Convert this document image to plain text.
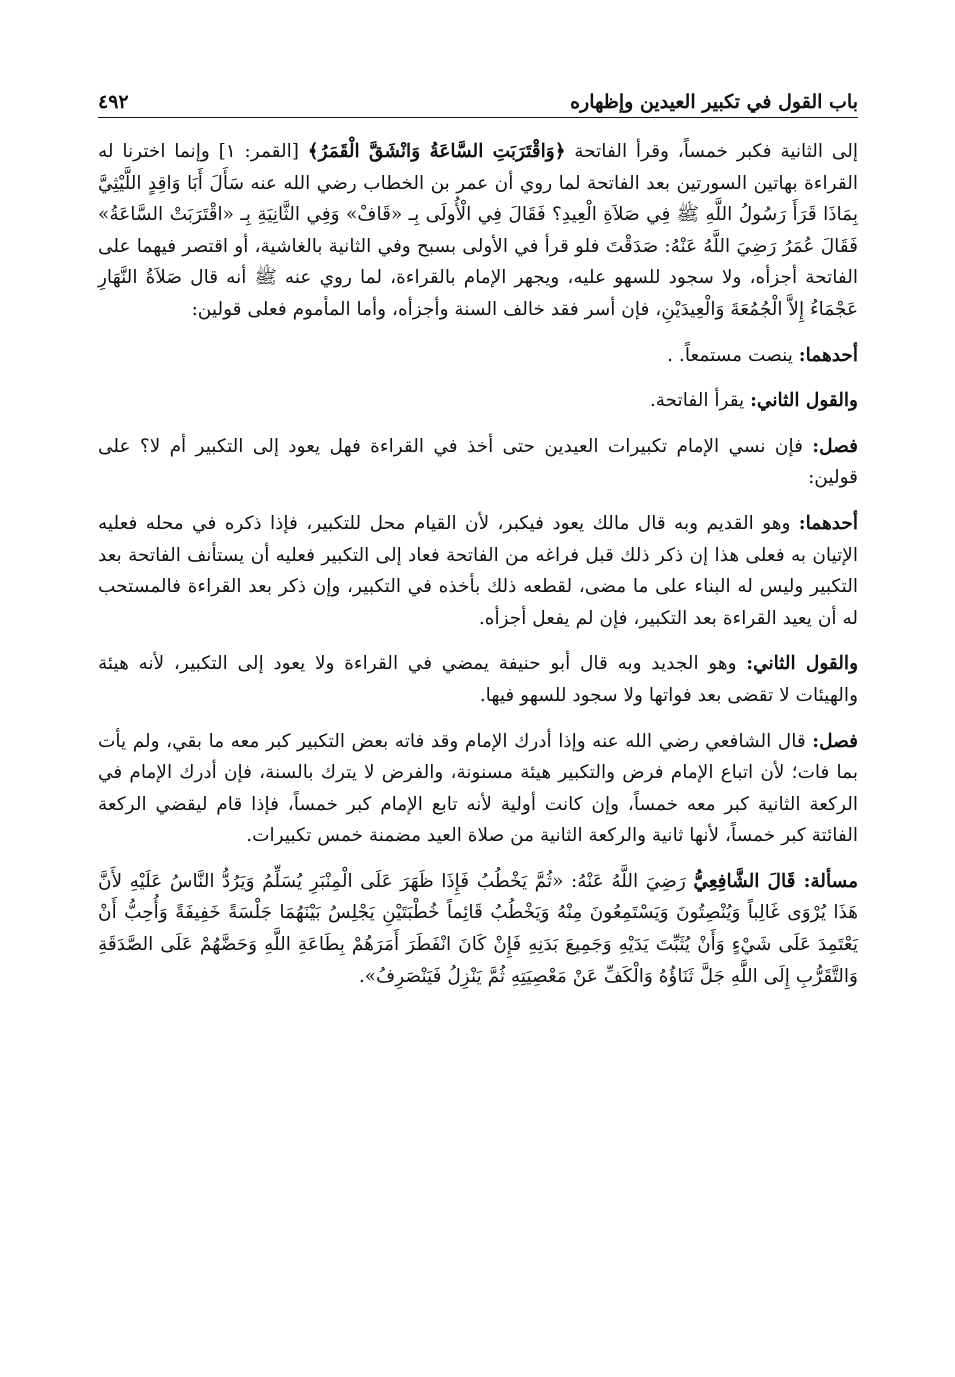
باب القول في تكبير العيدين وإظهاره
٤٩٢

إلى الثانية فكبر خمساً، وقرأ الفاتحة ﴿وَاقْتَرَبَتِ السَّاعَةُ وَانْشَقَّ الْقَمَرُ﴾ [القمر: ١] وإنما اخترنا له القراءة بهاتين السورتين بعد الفاتحة لما روي أن عمر بن الخطاب رضي الله عنه سَأَلَ أَبَا وَاقِدٍ اللَّيْثِيَّ بِمَاذَا قَرَأَ رَسُولُ اللَّهِ ﷺ فِي صَلاَةِ الْعِيدِ؟ فَقَالَ فِي الْأُولَى بِـ «قَافْ» وَفِي الثَّانِيَةِ بِـ «اقْتَرَبَتْ السَّاعَةُ» فَقَالَ عُمَرُ رَضِيَ اللَّهُ عَنْهُ: صَدَقْتَ فلو قرأ في الأولى بسبح وفي الثانية بالغاشية، أو اقتصر فيهما على الفاتحة أجزأه، ولا سجود للسهو عليه، ويجهر الإمام بالقراءة، لما روي عنه ﷺ أنه قال صَلاَةُ النَّهَارِ عَجْمَاءُ إِلاَّ الْجُمُعَةَ وَالْعِيدَيْنِ، فإن أسر فقد خالف السنة وأجزأه، وأما المأموم فعلى قولين:

أحدهما: ينصت مستمعاً. .

والقول الثاني: يقرأ الفاتحة.

فصل: فإن نسي الإمام تكبيرات العيدين حتى أخذ في القراءة فهل يعود إلى التكبير أم لا؟ على قولين:

أحدهما: وهو القديم وبه قال مالك يعود فيكبر، لأن القيام محل للتكبير، فإذا ذكره في محله فعليه الإتيان به فعلى هذا إن ذكر ذلك قبل فراغه من الفاتحة فعاد إلى التكبير فعليه أن يستأنف الفاتحة بعد التكبير وليس له البناء على ما مضى، لقطعه ذلك بأخذه في التكبير، وإن ذكر بعد القراءة فالمستحب له أن يعيد القراءة بعد التكبير، فإن لم يفعل أجزأه.

والقول الثاني: وهو الجديد وبه قال أبو حنيفة يمضي في القراءة ولا يعود إلى التكبير، لأنه هيئة والهيئات لا تقضى بعد فواتها ولا سجود للسهو فيها.

فصل: قال الشافعي رضي الله عنه وإذا أدرك الإمام وقد فاته بعض التكبير كبر معه ما بقي، ولم يأت بما فات؛ لأن اتباع الإمام فرض والتكبير هيئة مسنونة، والفرض لا يترك بالسنة، فإن أدرك الإمام في الركعة الثانية كبر معه خمساً، وإن كانت أولية لأنه تابع الإمام كبر خمساً، فإذا قام ليقضي الركعة الفائتة كبر خمساً، لأنها ثانية والركعة الثانية من صلاة العيد مضمنة خمس تكبيرات.

مسألة: قَالَ الشَّافِعِيُّ رَضِيَ اللَّهُ عَنْهُ: «ثُمَّ يَخْطُبُ فَإِذَا ظَهَرَ عَلَى الْمِنْبَرِ يُسَلِّمُ وَيَرُدُّ النَّاسُ عَلَيْهِ لأَنَّ هَذَا يُرْوَى غَالِباً وَيُنْصِتُونَ وَيَسْتَمِعُونَ مِنْهُ وَيَخْطُبُ قَائِماً خُطْبَتَيْنِ يَجْلِسُ بَيْنَهُمَا جَلْسَةً خَفِيفَةً وَأُحِبُّ أَنْ يَعْتَمِدَ عَلَى شَيْءٍ وَأَنْ يُثَبِّتَ يَدَيْهِ وَجَمِيعَ بَدَنِهِ فَإِنْ كَانَ انْفَطَرَ أَمَرَهُمْ بِطَاعَةِ اللَّهِ وَحَضَّهُمْ عَلَى الصَّدَقَةِ وَالتَّقَرُّبِ إِلَى اللَّهِ جَلَّ ثَنَاؤُهُ وَالْكَفِّ عَنْ مَعْصِيَتِهِ ثُمَّ يَنْزِلُ فَيَنْصَرِفُ».
